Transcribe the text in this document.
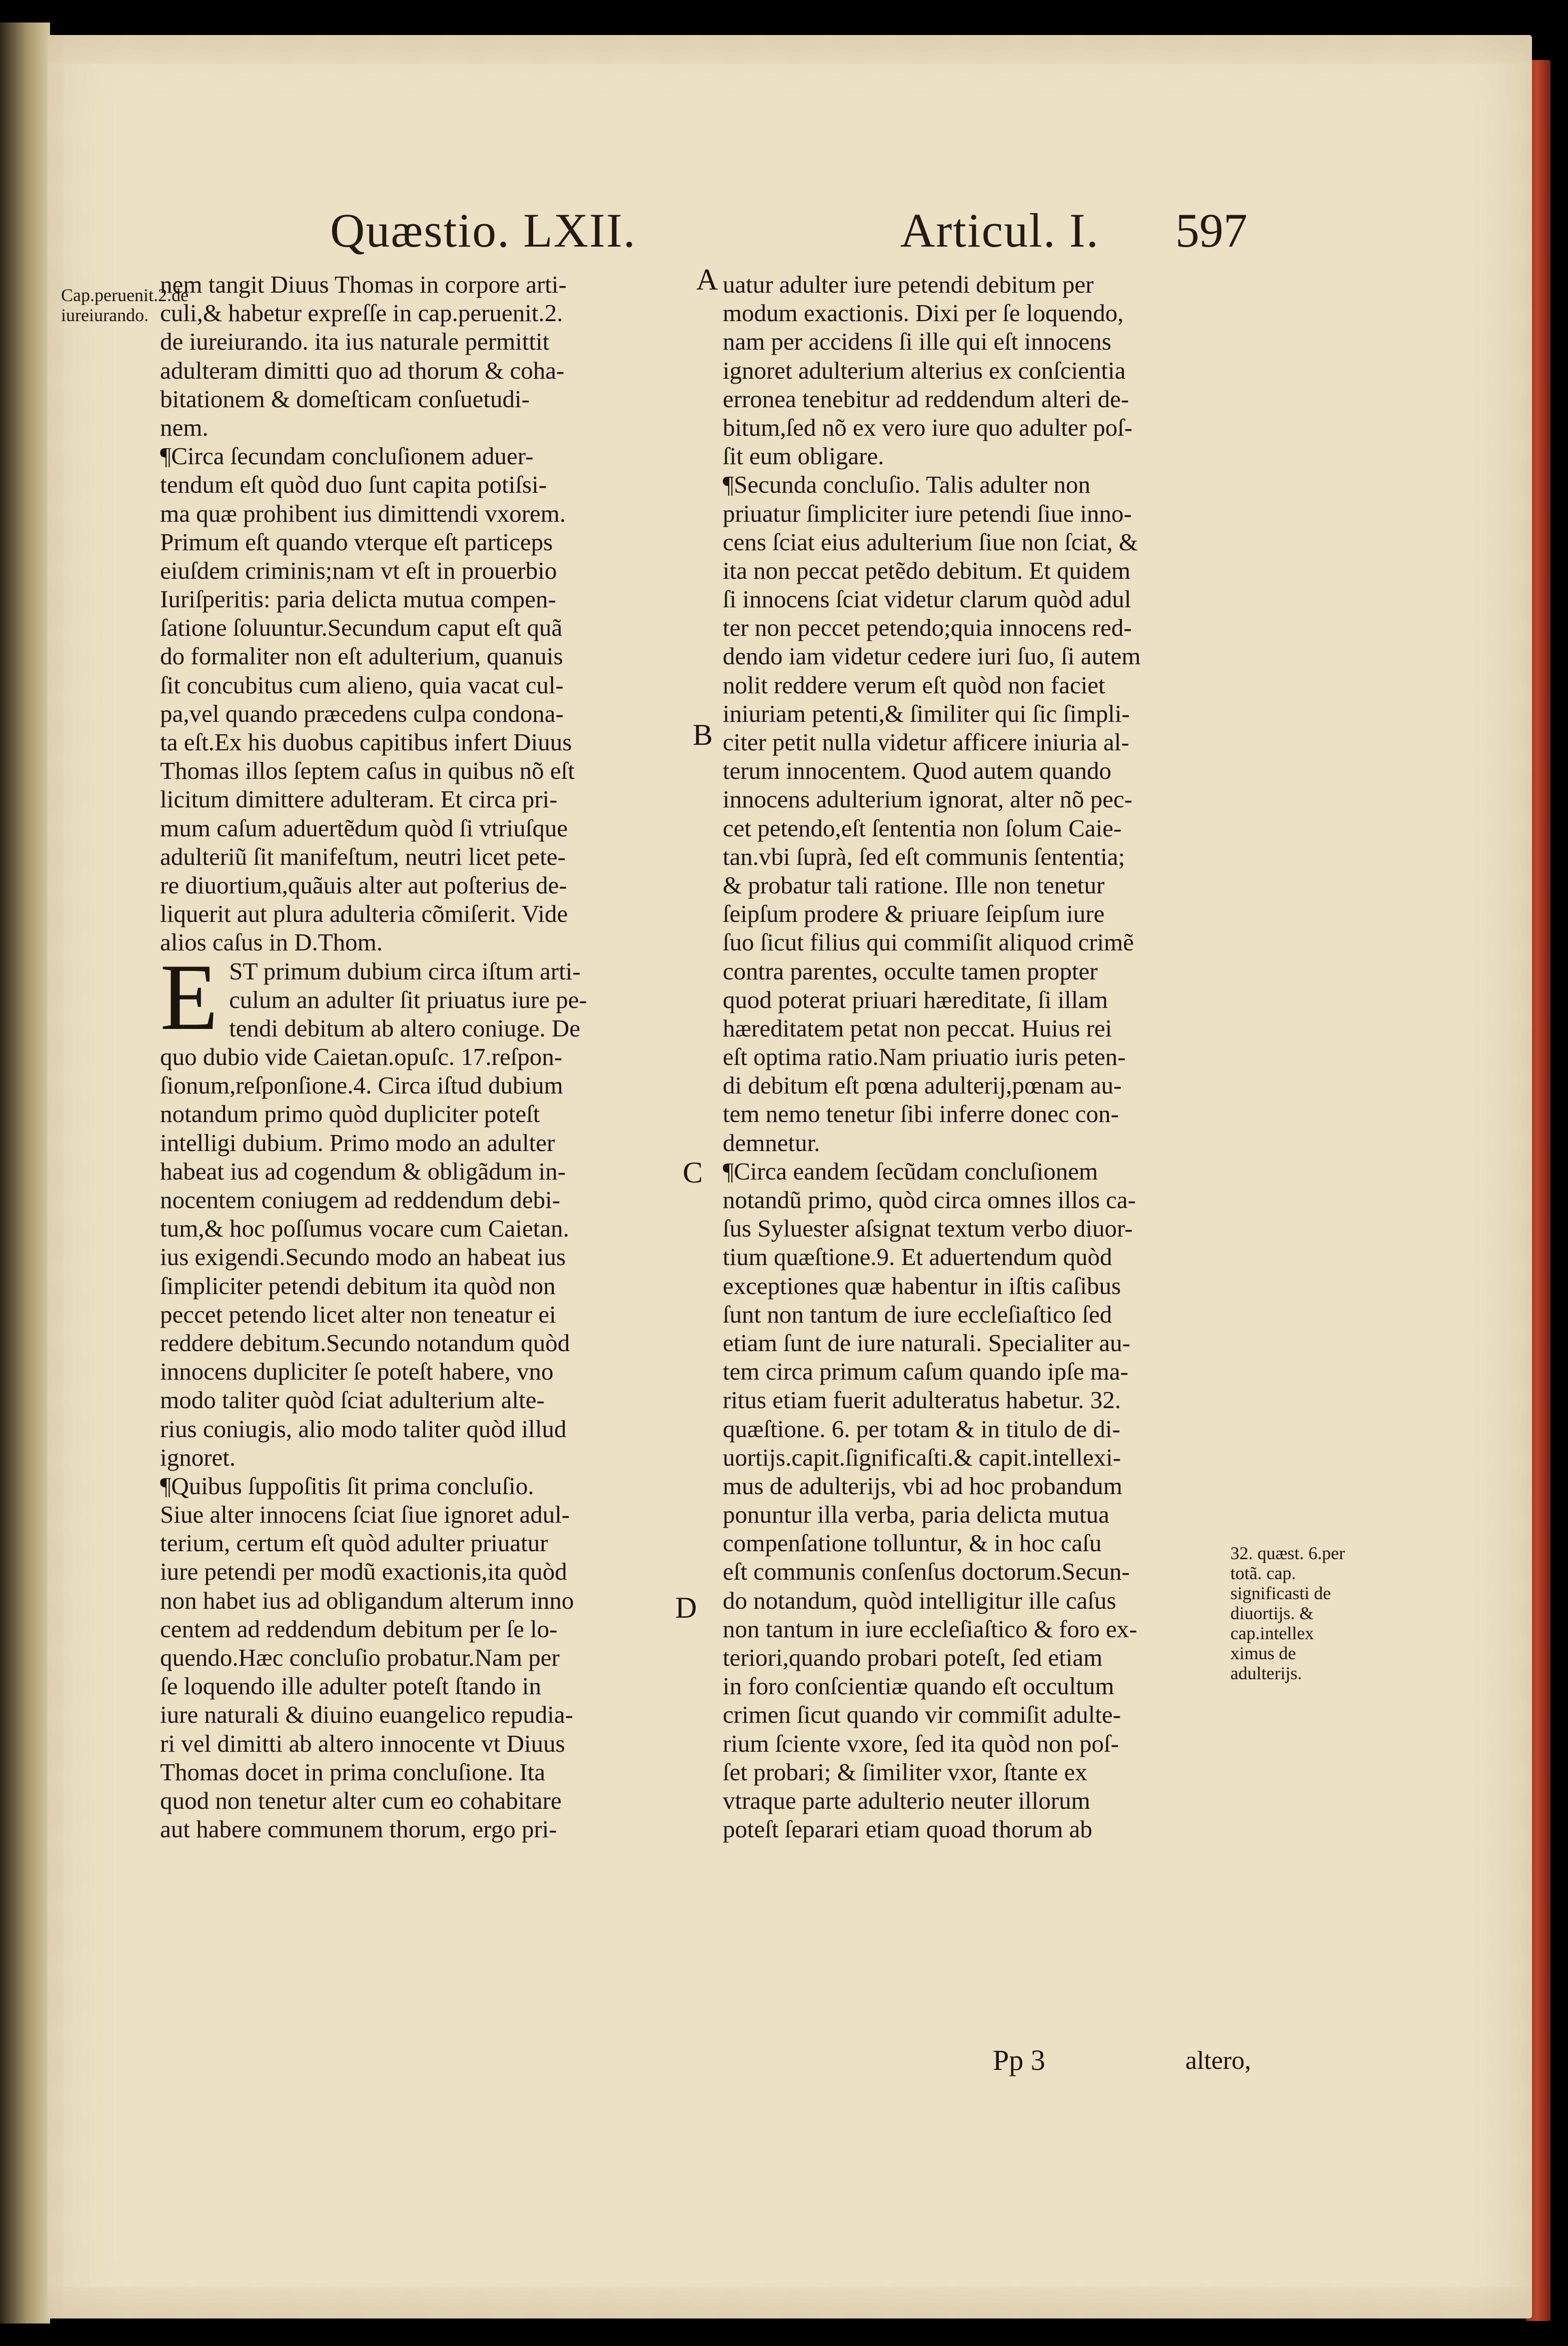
Quæstio. LXII.	Articul. I. 597
Cap.peruenit.2.de iureiurando.
32. quæst. 6.per totã. cap. significasti de diuortijs. & cap.intellex ximus de adulterijs.
A
B
C
D
nem tangit Diuus Thomas in corpore arti-
culi,& habetur expreſſe in cap.peruenit.2.
de iureiurando. ita ius naturale permittit
adulteram dimitti quo ad thorum & coha-
bitationem & domeſticam conſuetudi-
nem.
¶Circa ſecundam concluſionem aduer-
tendum eſt quòd duo ſunt capita potiſsi-
ma quæ prohibent ius dimittendi vxorem.
Primum eſt quando vterque eſt particeps
eiuſdem criminis;nam vt eſt in prouerbio
Iuriſperitis: paria delicta mutua compen-
ſatione ſoluuntur.Secundum caput eſt quã
do formaliter non eſt adulterium, quanuis
ſit concubitus cum alieno, quia vacat cul-
pa,vel quando præcedens culpa condona-
ta eſt.Ex his duobus capitibus infert Diuus
Thomas illos ſeptem caſus in quibus nõ eſt
licitum dimittere adulteram. Et circa pri-
mum caſum aduertẽdum quòd ſi vtriuſque
adulteriũ ſit manifeſtum, neutri licet pete-
re diuortium,quãuis alter aut poſterius de-
liquerit aut plura adulteria cõmiſerit. Vide
alios caſus in D.Thom.
E ST primum dubium circa iſtum arti-
culum an adulter ſit priuatus iure pe-
tendi debitum ab altero coniuge. De
quo dubio vide Caietan.opuſc. 17.reſpon-
ſionum,reſponſione.4. Circa iſtud dubium
notandum primo quòd dupliciter poteſt
intelligi dubium. Primo modo an adulter
habeat ius ad cogendum & obligãdum in-
nocentem coniugem ad reddendum debi-
tum,& hoc poſſumus vocare cum Caietan.
ius exigendi.Secundo modo an habeat ius
ſimpliciter petendi debitum ita quòd non
peccet petendo licet alter non teneatur ei
reddere debitum.Secundo notandum quòd
innocens dupliciter ſe poteſt habere, vno
modo taliter quòd ſciat adulterium alte-
rius coniugis, alio modo taliter quòd illud
ignoret.
¶Quibus ſuppoſitis ſit prima concluſio.
Siue alter innocens ſciat ſiue ignoret adul-
terium, certum eſt quòd adulter priuatur
iure petendi per modũ exactionis,ita quòd
non habet ius ad obligandum alterum inno
centem ad reddendum debitum per ſe lo-
quendo.Hæc concluſio probatur.Nam per
ſe loquendo ille adulter poteſt ſtando in
iure naturali & diuino euangelico repudia-
ri vel dimitti ab altero innocente vt Diuus
Thomas docet in prima concluſione. Ita
quod non tenetur alter cum eo cohabitare
aut habere communem thorum, ergo pri-
uatur adulter iure petendi debitum per
modum exactionis. Dixi per ſe loquendo,
nam per accidens ſi ille qui eſt innocens
ignoret adulterium alterius ex conſcientia
erronea tenebitur ad reddendum alteri de-
bitum,ſed nõ ex vero iure quo adulter poſ-
ſit eum obligare.
¶Secunda concluſio. Talis adulter non
priuatur ſimpliciter iure petendi ſiue inno-
cens ſciat eius adulterium ſiue non ſciat, &
ita non peccat petẽdo debitum. Et quidem
ſi innocens ſciat videtur clarum quòd adul
ter non peccet petendo;quia innocens red-
dendo iam videtur cedere iuri ſuo, ſi autem
nolit reddere verum eſt quòd non faciet
iniuriam petenti,& ſimiliter qui ſic ſimpli-
citer petit nulla videtur afficere iniuria al-
terum innocentem. Quod autem quando
innocens adulterium ignorat, alter nõ pec-
cet petendo,eſt ſententia non ſolum Caie-
tan.vbi ſuprà, ſed eſt communis ſententia;
& probatur tali ratione. Ille non tenetur
ſeipſum prodere & priuare ſeipſum iure
ſuo ſicut filius qui commiſit aliquod crimẽ
contra parentes, occulte tamen propter
quod poterat priuari hæreditate, ſi illam
hæreditatem petat non peccat. Huius rei
eſt optima ratio.Nam priuatio iuris peten-
di debitum eſt pœna adulterij,pœnam au-
tem nemo tenetur ſibi inferre donec con-
demnetur.
¶Circa eandem ſecũdam concluſionem
notandũ primo, quòd circa omnes illos ca-
ſus Syluester aſsignat textum verbo diuor-
tium quæſtione.9. Et aduertendum quòd
exceptiones quæ habentur in iſtis caſibus
ſunt non tantum de iure eccleſiaſtico ſed
etiam ſunt de iure naturali. Specialiter au-
tem circa primum caſum quando ipſe ma-
ritus etiam fuerit adulteratus habetur. 32.
quæſtione. 6. per totam & in titulo de di-
uortijs.capit.ſignificaſti.& capit.intellexi-
mus de adulterijs, vbi ad hoc probandum
ponuntur illa verba, paria delicta mutua
compenſatione tolluntur, & in hoc caſu
eſt communis conſenſus doctorum.Secun-
do notandum, quòd intelligitur ille caſus
non tantum in iure eccleſiaſtico & foro ex-
teriori,quando probari poteſt, ſed etiam
in foro conſcientiæ quando eſt occultum
crimen ſicut quando vir commiſit adulte-
rium ſciente vxore, ſed ita quòd non poſ-
ſet probari; & ſimiliter vxor, ſtante ex
vtraque parte adulterio neuter illorum
poteſt ſeparari etiam quoad thorum ab
Pp 3	altero,
